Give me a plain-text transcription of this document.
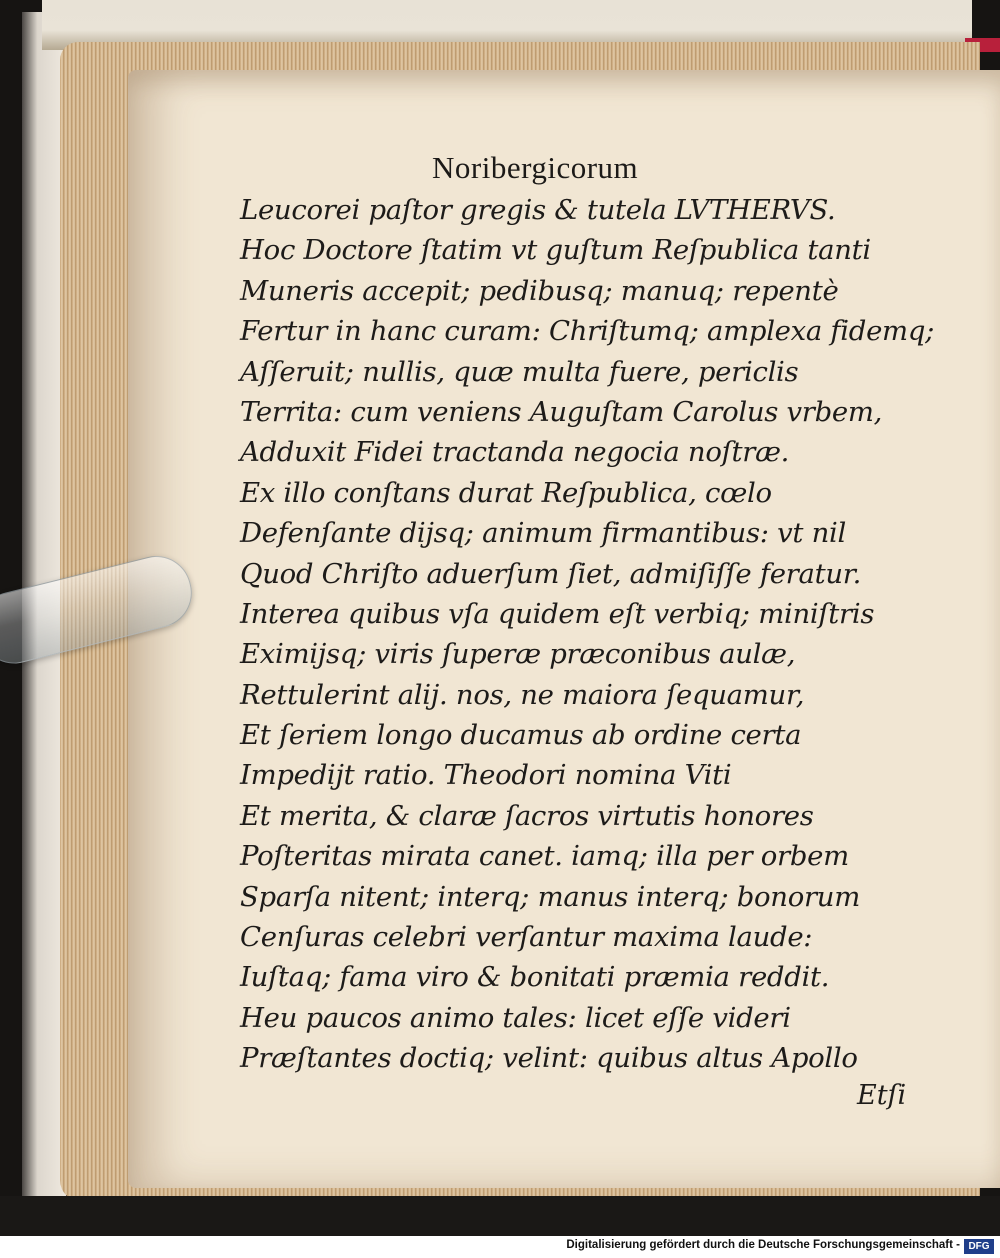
Noribergicorum
Leucorei paſtor gregis & tutela LVTHERVS.
Hoc Doctore ſtatim vt guſtum Reſpublica tanti
Muneris accepit; pedibusq; manuq; repentè
Fertur in hanc curam: Chriſtumq; amplexa fidemq;
Aſſeruit; nullis, quæ multa fuere, periclis
Territa: cum veniens Auguſtam Carolus vrbem,
Adduxit Fidei tractanda negocia noſtræ.
Ex illo conſtans durat Reſpublica, cœlo
Defenſante diјsq; animum firmantibus: vt nil
Quod Chriſto aduerſum ſiet, admiſiſſe feratur.
Interea quibus vſa quidem eſt verbiq; miniſtris
Eximiјsq; viris ſuperæ præconibus aulæ,
Rettulerint aliј. nos, ne maiora ſequamur,
Et ſeriem longo ducamus ab ordine certa
Impediјt ratio. Theodori nomina Viti
Et merita, & claræ ſacros virtutis honores
Poſteritas mirata canet. iamq; illa per orbem
Sparſa nitent; interq; manus interq; bonorum
Cenſuras celebri verſantur maxima laude:
Iuſtaq; fama viro & bonitati præmia reddit.
Heu paucos animo tales: licet eſſe videri
Præſtantes doctiq; velint: quibus altus Apollo
Etſi
Digitalisierung gefördert durch die Deutsche Forschungsgemeinschaft - DFG
